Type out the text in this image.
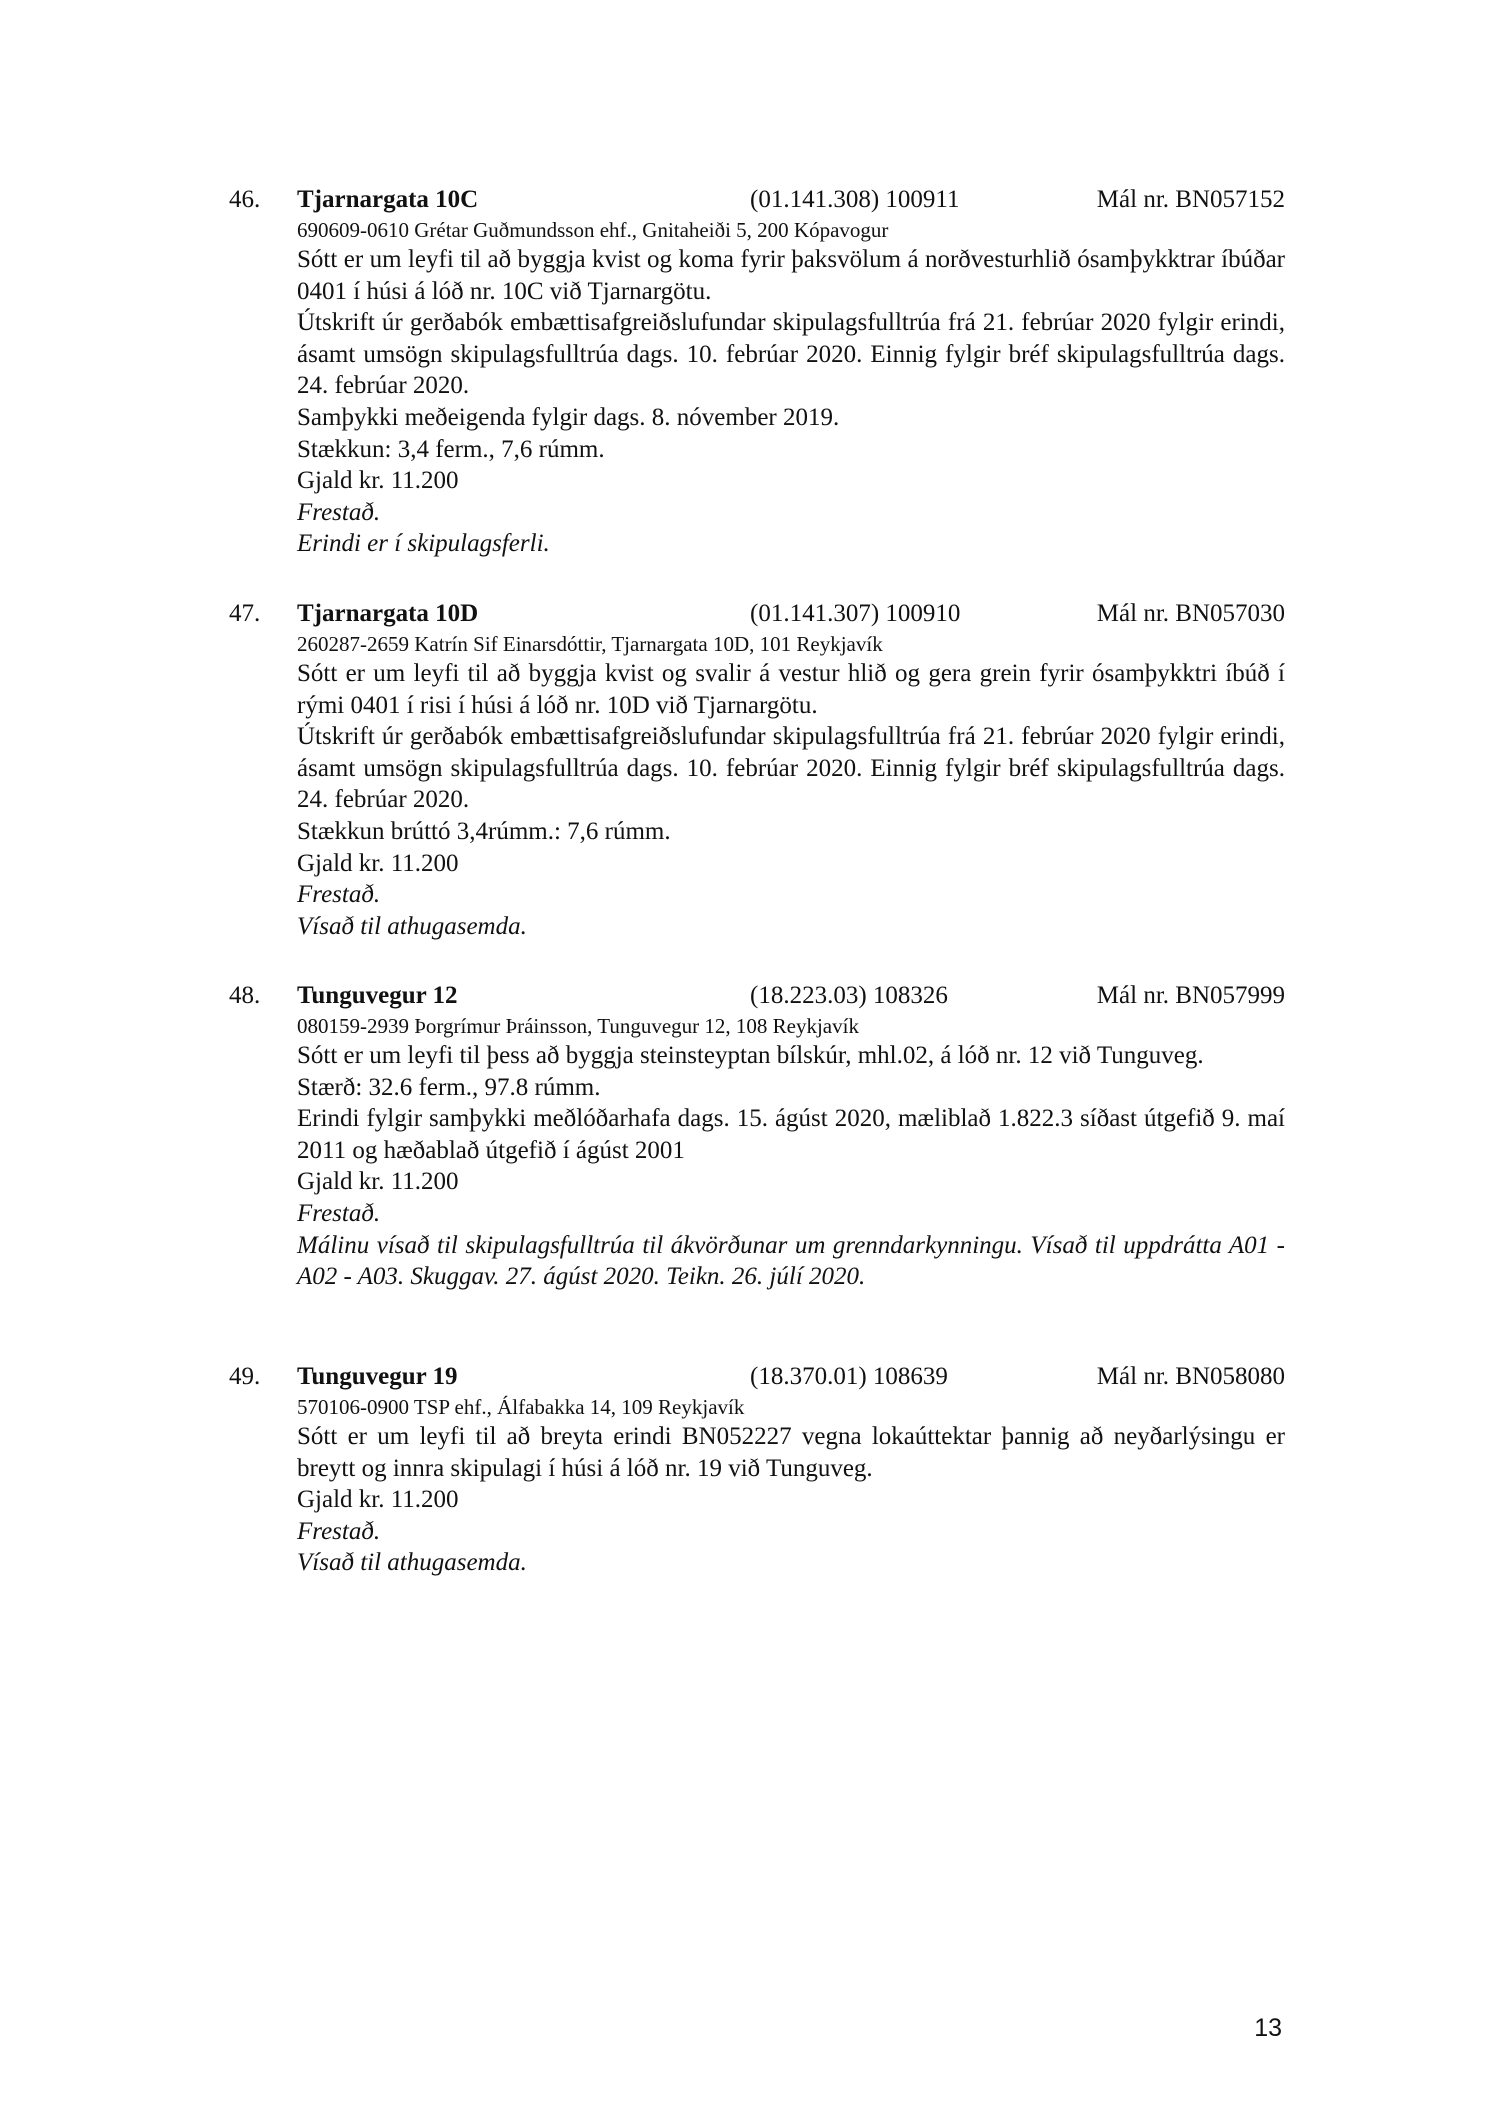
46. Tjarnargata 10C	(01.141.308) 100911	Mál nr. BN057152
690609-0610 Grétar Guðmundsson ehf., Gnitaheiði 5, 200 Kópavogur

Sótt er um leyfi til að byggja kvist og koma fyrir þaksvölum á norðvesturhlið ósamþykktrar íbúðar 0401 í húsi á lóð nr. 10C við Tjarnargötu.

Útskrift úr gerðabók embættisafgreiðslufundar skipulagsfulltrúa frá 21. febrúar 2020 fylgir erindi, ásamt umsögn skipulagsfulltrúa dags. 10. febrúar 2020. Einnig fylgir bréf skipulagsfulltrúa dags. 24. febrúar 2020.

Samþykki meðeigenda fylgir dags. 8. nóvember 2019.

Stækkun: 3,4 ferm., 7,6 rúmm.

Gjald kr. 11.200

Frestað.

Erindi er í skipulagsferli.

47. Tjarnargata 10D	(01.141.307) 100910	Mál nr. BN057030
260287-2659 Katrín Sif Einarsdóttir, Tjarnargata 10D, 101 Reykjavík

Sótt er um leyfi til að byggja kvist og svalir á vestur hlið og gera grein fyrir ósamþykktri íbúð í rými 0401 í risi í húsi á lóð nr. 10D við Tjarnargötu.

Útskrift úr gerðabók embættisafgreiðslufundar skipulagsfulltrúa frá 21. febrúar 2020 fylgir erindi, ásamt umsögn skipulagsfulltrúa dags. 10. febrúar 2020. Einnig fylgir bréf skipulagsfulltrúa dags. 24. febrúar 2020.

Stækkun brúttó 3,4rúmm.: 7,6 rúmm.

Gjald kr. 11.200

Frestað.

Vísað til athugasemda.

48. Tunguvegur 12	(18.223.03) 108326	Mál nr. BN057999
080159-2939 Þorgrímur Þráinsson, Tunguvegur 12, 108 Reykjavík

Sótt er um leyfi til þess að byggja steinsteyptan bílskúr, mhl.02, á lóð nr. 12 við Tunguveg.

Stærð: 32.6 ferm., 97.8 rúmm.

Erindi fylgir samþykki meðlóðarhafa dags. 15. ágúst 2020, mæliblað 1.822.3 síðast útgefið 9. maí 2011 og hæðablað útgefið í ágúst 2001

Gjald kr. 11.200

Frestað.

Málinu vísað til skipulagsfulltrúa til ákvörðunar um grenndarkynningu. Vísað til uppdrátta A01 - A02 - A03. Skuggav. 27. ágúst 2020. Teikn. 26. júlí 2020.

49. Tunguvegur 19	(18.370.01) 108639	Mál nr. BN058080
570106-0900 TSP ehf., Álfabakka 14, 109 Reykjavík

Sótt er um leyfi til að breyta erindi BN052227 vegna lokaúttektar þannig að neyðarlýsingu er breytt og innra skipulagi í húsi á lóð nr. 19 við Tunguveg.

Gjald kr. 11.200

Frestað.

Vísað til athugasemda.

13
